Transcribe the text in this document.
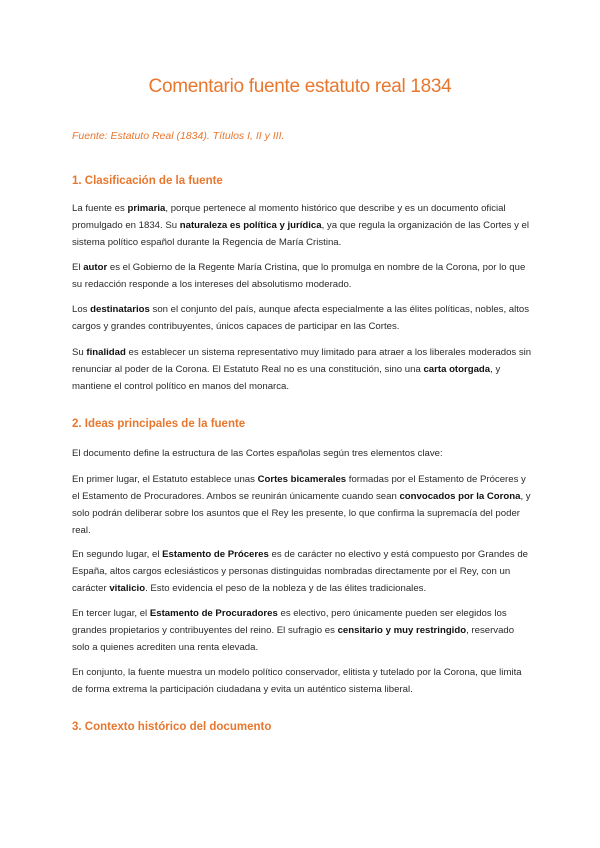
Comentario fuente estatuto real 1834
Fuente: Estatuto Real (1834). Títulos I, II y III.
1. Clasificación de la fuente

La fuente es primaria, porque pertenece al momento histórico que describe y es un documento oficial promulgado en 1834. Su naturaleza es política y jurídica, ya que regula la organización de las Cortes y el sistema político español durante la Regencia de María Cristina.

El autor es el Gobierno de la Regente María Cristina, que lo promulga en nombre de la Corona, por lo que su redacción responde a los intereses del absolutismo moderado.

Los destinatarios son el conjunto del país, aunque afecta especialmente a las élites políticas, nobles, altos cargos y grandes contribuyentes, únicos capaces de participar en las Cortes.

Su finalidad es establecer un sistema representativo muy limitado para atraer a los liberales moderados sin renunciar al poder de la Corona. El Estatuto Real no es una constitución, sino una carta otorgada, y mantiene el control político en manos del monarca.

2. Ideas principales de la fuente

El documento define la estructura de las Cortes españolas según tres elementos clave:

En primer lugar, el Estatuto establece unas Cortes bicamerales formadas por el Estamento de Próceres y el Estamento de Procuradores. Ambos se reunirán únicamente cuando sean convocados por la Corona, y solo podrán deliberar sobre los asuntos que el Rey les presente, lo que confirma la supremacía del poder real.

En segundo lugar, el Estamento de Próceres es de carácter no electivo y está compuesto por Grandes de España, altos cargos eclesiásticos y personas distinguidas nombradas directamente por el Rey, con un carácter vitalicio. Esto evidencia el peso de la nobleza y de las élites tradicionales.

En tercer lugar, el Estamento de Procuradores es electivo, pero únicamente pueden ser elegidos los grandes propietarios y contribuyentes del reino. El sufragio es censitario y muy restringido, reservado solo a quienes acrediten una renta elevada.

En conjunto, la fuente muestra un modelo político conservador, elitista y tutelado por la Corona, que limita de forma extrema la participación ciudadana y evita un auténtico sistema liberal.

3. Contexto histórico del documento
